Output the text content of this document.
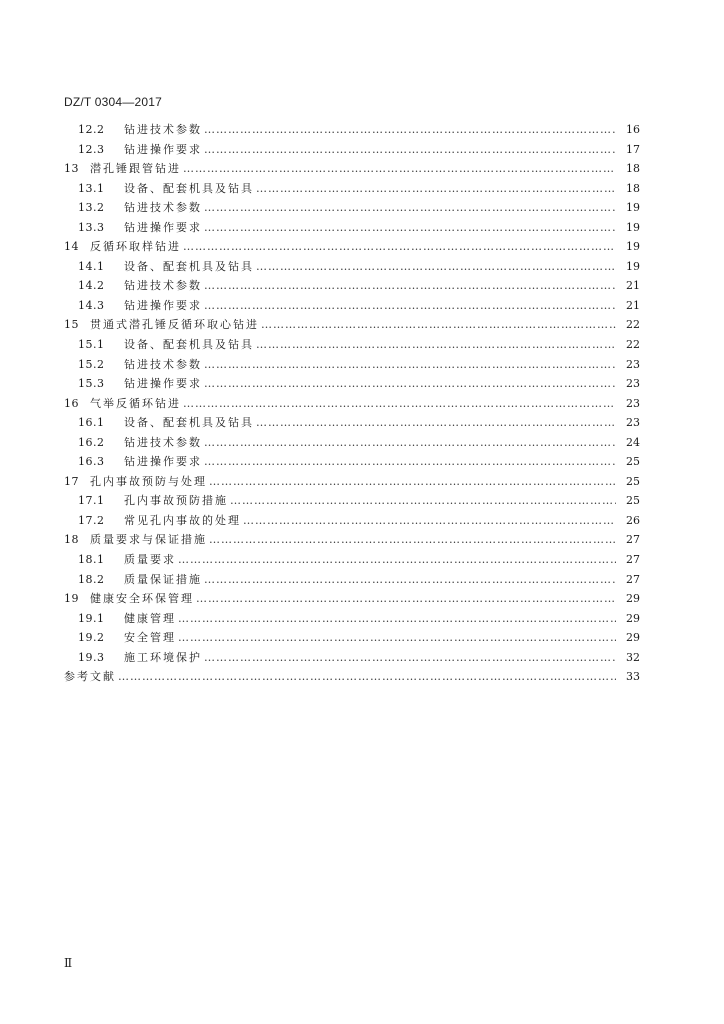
DZ/T 0304—2017
12.2	钻进技术参数 ………………………………………………………………………………………………………………………………………………………………………………………………………………………………	16
12.3	钻进操作要求 ………………………………………………………………………………………………………………………………………………………………………………………………………………………………	17
13	潜孔锤跟管钻进 ………………………………………………………………………………………………………………………………………………………………………………………………………………………………	18
13.1	设备、配套机具及钻具 ………………………………………………………………………………………………………………………………………………………………………………………………………………………………	18
13.2	钻进技术参数 ………………………………………………………………………………………………………………………………………………………………………………………………………………………………	19
13.3	钻进操作要求 ………………………………………………………………………………………………………………………………………………………………………………………………………………………………	19
14	反循环取样钻进 ………………………………………………………………………………………………………………………………………………………………………………………………………………………………	19
14.1	设备、配套机具及钻具 ………………………………………………………………………………………………………………………………………………………………………………………………………………………………	19
14.2	钻进技术参数 ………………………………………………………………………………………………………………………………………………………………………………………………………………………………	21
14.3	钻进操作要求 ………………………………………………………………………………………………………………………………………………………………………………………………………………………………	21
15	贯通式潜孔锤反循环取心钻进 ………………………………………………………………………………………………………………………………………………………………………………………………………………………………	22
15.1	设备、配套机具及钻具 ………………………………………………………………………………………………………………………………………………………………………………………………………………………………	22
15.2	钻进技术参数 ………………………………………………………………………………………………………………………………………………………………………………………………………………………………	23
15.3	钻进操作要求 ………………………………………………………………………………………………………………………………………………………………………………………………………………………………	23
16	气举反循环钻进 ………………………………………………………………………………………………………………………………………………………………………………………………………………………………	23
16.1	设备、配套机具及钻具 ………………………………………………………………………………………………………………………………………………………………………………………………………………………………	23
16.2	钻进技术参数 ………………………………………………………………………………………………………………………………………………………………………………………………………………………………	24
16.3	钻进操作要求 ………………………………………………………………………………………………………………………………………………………………………………………………………………………………	25
17	孔内事故预防与处理 ………………………………………………………………………………………………………………………………………………………………………………………………………………………………	25
17.1	孔内事故预防措施 ………………………………………………………………………………………………………………………………………………………………………………………………………………………………	25
17.2	常见孔内事故的处理 ………………………………………………………………………………………………………………………………………………………………………………………………………………………………	26
18	质量要求与保证措施 ………………………………………………………………………………………………………………………………………………………………………………………………………………………………	27
18.1	质量要求 ………………………………………………………………………………………………………………………………………………………………………………………………………………………………	27
18.2	质量保证措施 ………………………………………………………………………………………………………………………………………………………………………………………………………………………………	27
19	健康安全环保管理 ………………………………………………………………………………………………………………………………………………………………………………………………………………………………	29
19.1	健康管理 ………………………………………………………………………………………………………………………………………………………………………………………………………………………………	29
19.2	安全管理 ………………………………………………………………………………………………………………………………………………………………………………………………………………………………	29
19.3	施工环境保护 ………………………………………………………………………………………………………………………………………………………………………………………………………………………………	32
参考文献 ………………………………………………………………………………………………………………………………………………………………………………………………………………………………	33
Ⅱ
